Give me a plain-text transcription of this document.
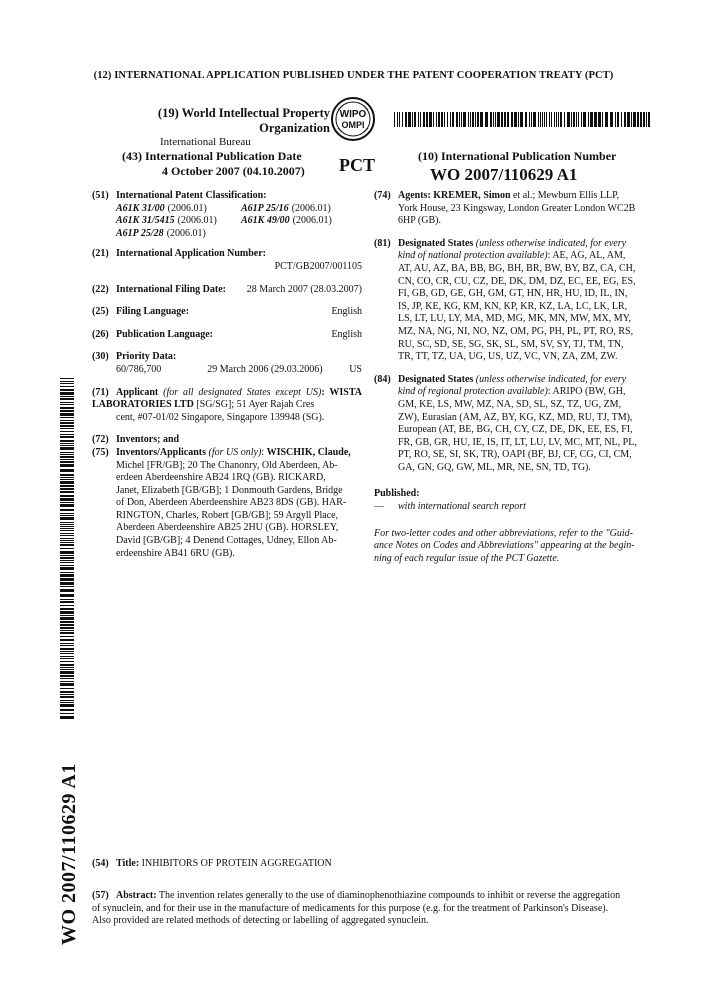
(12) INTERNATIONAL APPLICATION PUBLISHED UNDER THE PATENT COOPERATION TREATY (PCT)
(19) World Intellectual Property Organization
International Bureau
WIPO
OMPI
(43) International Publication Date
4 October 2007 (04.10.2007)	PCT	(10) International Publication Number
WO 2007/110629 A1
(51) International Patent Classification:
A61K 31/00 (2006.01)	A61P 25/16 (2006.01)
A61K 31/5415 (2006.01)	A61K 49/00 (2006.01)
A61P 25/28 (2006.01)
(21) International Application Number:
PCT/GB2007/001105
(22) International Filing Date: 28 March 2007 (28.03.2007)
(25) Filing Language:	English
(26) Publication Language:	English
(30) Priority Data:
60/786,700	29 March 2006 (29.03.2006)	US
(71) Applicant (for all designated States except US): WISTA LABORATORIES LTD [SG/SG]; 51 Ayer Rajah Cres
cent, #07-01/02 Singapore, Singapore 139948 (SG).
(72) Inventors; and
(75) Inventors/Applicants (for US only): WISCHIK, Claude,
Michel [FR/GB]; 20 The Chanonry, Old Aberdeen, Ab-
erdeen Aberdeenshire AB24 1RQ (GB). RICKARD,
Janet, Elizabeth [GB/GB]; 1 Donmouth Gardens, Bridge
of Don, Aberdeen Aberdeenshire AB23 8DS (GB). HAR-
RINGTON, Charles, Robert [GB/GB]; 59 Argyll Place,
Aberdeen Aberdeenshire AB25 2HU (GB). HORSLEY,
David [GB/GB]; 4 Denend Cottages, Udney, Ellon Ab-
erdeenshire AB41 6RU (GB).
(74) Agents: KREMER, Simon et al.; Mewburn Ellis LLP,
York House, 23 Kingsway, London Greater London WC2B
6HP (GB).
(81) Designated States (unless otherwise indicated, for every
kind of national protection available): AE, AG, AL, AM,
AT, AU, AZ, BA, BB, BG, BH, BR, BW, BY, BZ, CA, CH,
CN, CO, CR, CU, CZ, DE, DK, DM, DZ, EC, EE, EG, ES,
FI, GB, GD, GE, GH, GM, GT, HN, HR, HU, ID, IL, IN,
IS, JP, KE, KG, KM, KN, KP, KR, KZ, LA, LC, LK, LR,
LS, LT, LU, LY, MA, MD, MG, MK, MN, MW, MX, MY,
MZ, NA, NG, NI, NO, NZ, OM, PG, PH, PL, PT, RO, RS,
RU, SC, SD, SE, SG, SK, SL, SM, SV, SY, TJ, TM, TN,
TR, TT, TZ, UA, UG, US, UZ, VC, VN, ZA, ZM, ZW.
(84) Designated States (unless otherwise indicated, for every
kind of regional protection available): ARIPO (BW, GH,
GM, KE, LS, MW, MZ, NA, SD, SL, SZ, TZ, UG, ZM,
ZW), Eurasian (AM, AZ, BY, KG, KZ, MD, RU, TJ, TM),
European (AT, BE, BG, CH, CY, CZ, DE, DK, EE, ES, FI,
FR, GB, GR, HU, IE, IS, IT, LT, LU, LV, MC, MT, NL, PL,
PT, RO, SE, SI, SK, TR), OAPI (BF, BJ, CF, CG, CI, CM,
GA, GN, GQ, GW, ML, MR, NE, SN, TD, TG).
Published:
— with international search report
For two-letter codes and other abbreviations, refer to the "Guid-
ance Notes on Codes and Abbreviations" appearing at the begin-
ning of each regular issue of the PCT Gazette.
WO 2007/110629 A1 (54) Title: INHIBITORS OF PROTEIN AGGREGATION
(57) Abstract: The invention relates generally to the use of diaminophenothiazine compounds to inhibit or reverse the aggregation
of synuclein, and for their use in the manufacture of medicaments for this purpose (e.g. for the treatment of Parkinson's Disease).
Also provided are related methods of detecting or labelling of aggregated synuclein.
